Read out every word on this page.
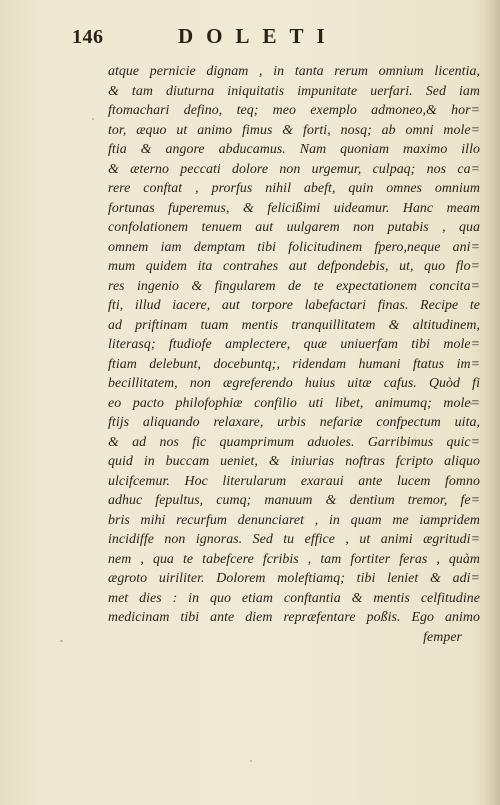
146	DOLETI
atque pernicie dignam , in tanta rerum omnium licentia,
& tam diuturna iniquitatis impunitate uerfari. Sed iam
ftomachari defino, teq; meo exemplo admoneo,& hor=
tor, æquo ut animo fimus & forti, nosq; ab omni mole=
ftia & angore abducamus. Nam quoniam maximo illo
& æterno peccati dolore non urgemur, culpaq; nos ca=
rere conftat , prorfus nihil abeft, quin omnes omnium
fortunas fuperemus, & felicißimi uideamur. Hanc meam
confolationem tenuem aut uulgarem non putabis , qua
omnem iam demptam tibi folicitudinem fpero,neque ani=
mum quidem ita contrahes aut defpondebis, ut, quo flo=
res ingenio & fingularem de te expectationem concita=
fti, illud iacere, aut torpore labefactari finas. Recipe te
ad priftinam tuam mentis tranquillitatem & altitudinem,
literasq; ftudiofe amplectere, quæ uniuerfam tibi mole=
ftiam delebunt, docebuntq;, ridendam humani ftatus im=
becillitatem, non ægreferendo huius uitæ cafus. Quòd fi
eo pacto philofophiæ confilio uti libet, animumq; mole=
ftijs aliquando relaxare, urbis nefariæ confpectum uita,
& ad nos fic quamprimum aduoles. Garribimus quic=
quid in buccam ueniet, & iniurias noftras fcripto aliquo
ulcifcemur. Hoc literularum exaraui ante lucem fomno
adhuc fepultus, cumq; manuum & dentium tremor, fe=
bris mihi recurfum denunciaret , in quam me iampridem
incidiffe non ignoras. Sed tu effice , ut animi ægritudi=
nem , qua te tabefcere fcribis , tam fortiter feras , quàm
ægroto uiriliter. Dolorem moleftiamq; tibi leniet & adi=
met dies : in quo etiam conftantia & mentis celfitudine
medicinam tibi ante diem repræfentare poßis. Ego animo
femper
